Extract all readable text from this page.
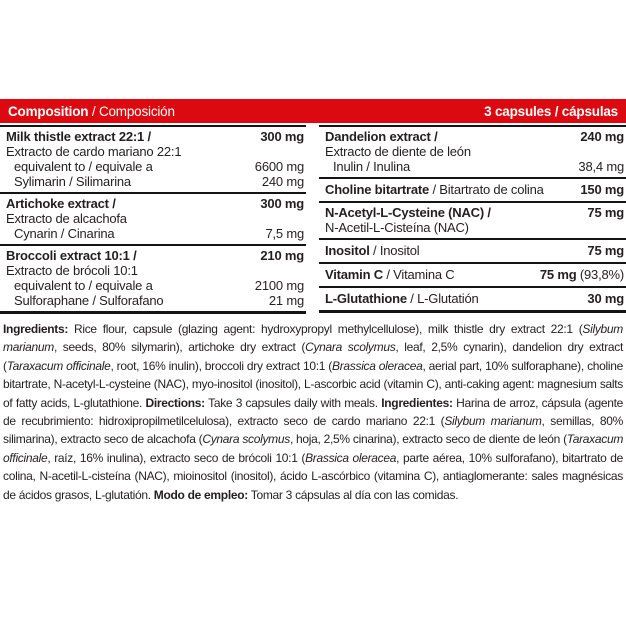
Composition / Composición	3 capsules / cápsulas
Milk thistle extract 22:1 /	300 mg
Extracto de cardo mariano 22:1
equivalent to / equivale a	6600 mg
Sylimarin / Silimarina	240 mg
Artichoke extract /	300 mg
Extracto de alcachofa
Cynarin / Cinarina	7,5 mg
Broccoli extract 10:1 /	210 mg
Extracto de brócoli 10:1
equivalent to / equivale a	2100 mg
Sulforaphane / Sulforafano	21 mg
Dandelion extract /	240 mg
Extracto de diente de león
Inulin / Inulina	38,4 mg
Choline bitartrate / Bitartrato de colina	150 mg
N-Acetyl-L-Cysteine (NAC) /	75 mg
N-Acetil-L-Cisteína (NAC)
Inositol / Inositol	75 mg
Vitamin C / Vitamina C	75 mg (93,8%)
L-Glutathione / L-Glutatión	30 mg

Ingredients: Rice flour, capsule (glazing agent: hydroxypropyl methylcellulose), milk thistle dry extract 22:1 (Silybum marianum, seeds, 80% silymarin), artichoke dry extract (Cynara scolymus, leaf, 2,5% cynarin), dandelion dry extract (Taraxacum officinale, root, 16% inulin), broccoli dry extract 10:1 (Brassica oleracea, aerial part, 10% sulforaphane), choline bitartrate, N-acetyl-L-cysteine (NAC), myo-inositol (inositol), L-ascorbic acid (vitamin C), anti-caking agent: magnesium salts of fatty acids, L-glutathione. Directions: Take 3 capsules daily with meals. Ingredientes: Harina de arroz, cápsula (agente de recubrimiento: hidroxipropilmetilcelulosa), extracto seco de cardo mariano 22:1 (Silybum marianum, semillas, 80% silimarina), extracto seco de alcachofa (Cynara scolymus, hoja, 2,5% cinarina), extracto seco de diente de león (Taraxacum officinale, raíz, 16% inulina), extracto seco de brócoli 10:1 (Brassica oleracea, parte aérea, 10% sulforafano), bitartrato de colina, N-acetil-L-cisteína (NAC), mioinositol (inositol), ácido L-ascórbico (vitamina C), antiaglomerante: sales magnésicas de ácidos grasos, L-glutatión. Modo de empleo: Tomar 3 cápsulas al día con las comidas.
